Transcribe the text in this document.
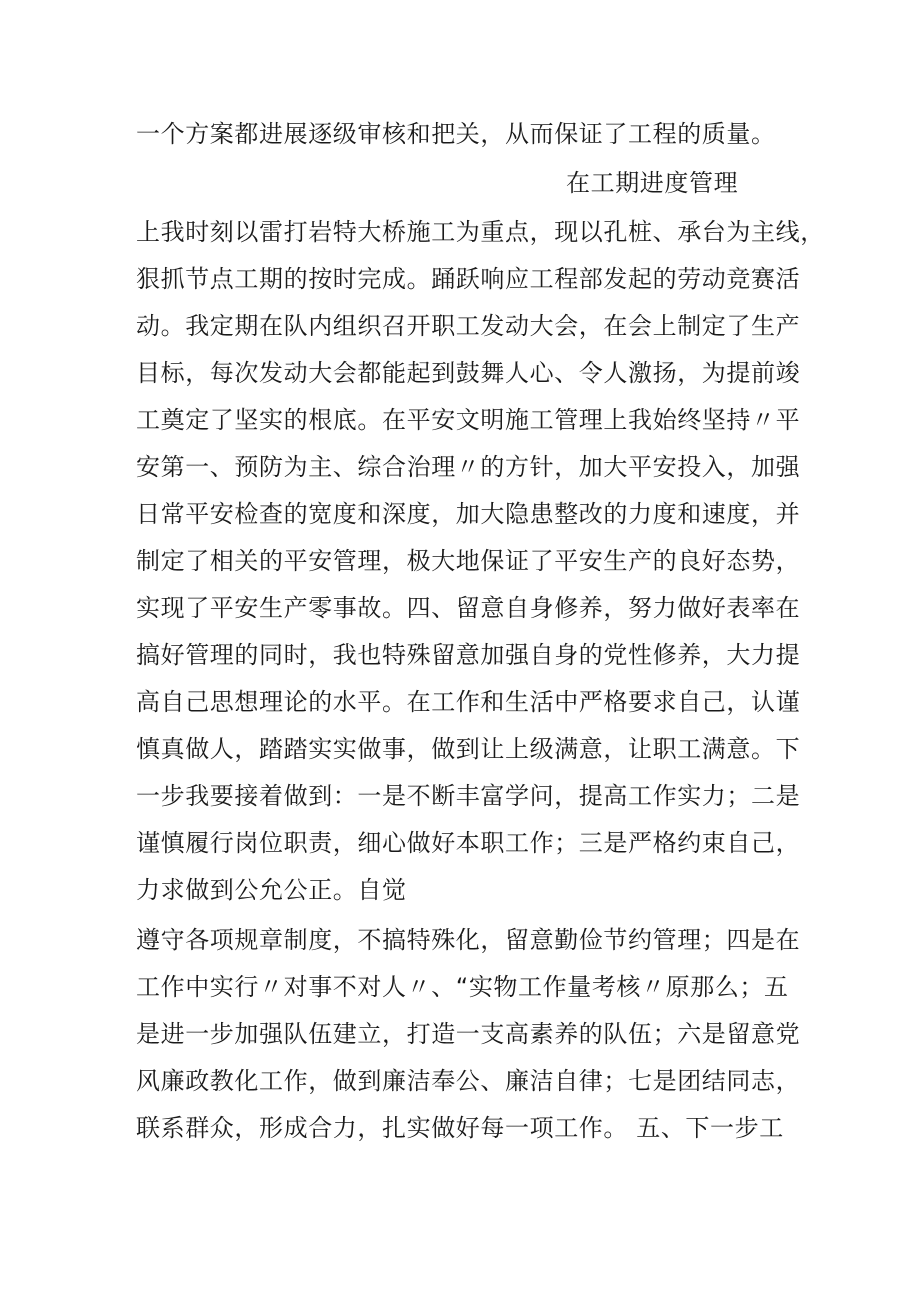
一个方案都进展逐级审核和把关，从而保证了工程的质量。
在工期进度管理
上我时刻以雷打岩特大桥施工为重点，现以孔桩、承台为主线，
狠抓节点工期的按时完成。踊跃响应工程部发起的劳动竞赛活
动。我定期在队内组织召开职工发动大会，在会上制定了生产
目标，每次发动大会都能起到鼓舞人心、令人激扬，为提前竣
工奠定了坚实的根底。在平安文明施工管理上我始终坚持〃平
安第一、预防为主、综合治理〃的方针，加大平安投入，加强
日常平安检查的宽度和深度，加大隐患整改的力度和速度，并
制定了相关的平安管理，极大地保证了平安生产的良好态势，
实现了平安生产零事故。四、留意自身修养，努力做好表率在
搞好管理的同时，我也特殊留意加强自身的党性修养，大力提
高自己思想理论的水平。在工作和生活中严格要求自己，认谨
慎真做人，踏踏实实做事，做到让上级满意，让职工满意。下
一步我要接着做到：一是不断丰富学问，提高工作实力；二是
谨慎履行岗位职责，细心做好本职工作；三是严格约束自己，
力求做到公允公正。自觉
遵守各项规章制度，不搞特殊化，留意勤俭节约管理；四是在
工作中实行〃对事不对人〃、“实物工作量考核〃原那么；五
是进一步加强队伍建立，打造一支高素养的队伍；六是留意党
风廉政教化工作，做到廉洁奉公、廉洁自律；七是团结同志，
联系群众，形成合力，扎实做好每一项工作。 五、下一步工
